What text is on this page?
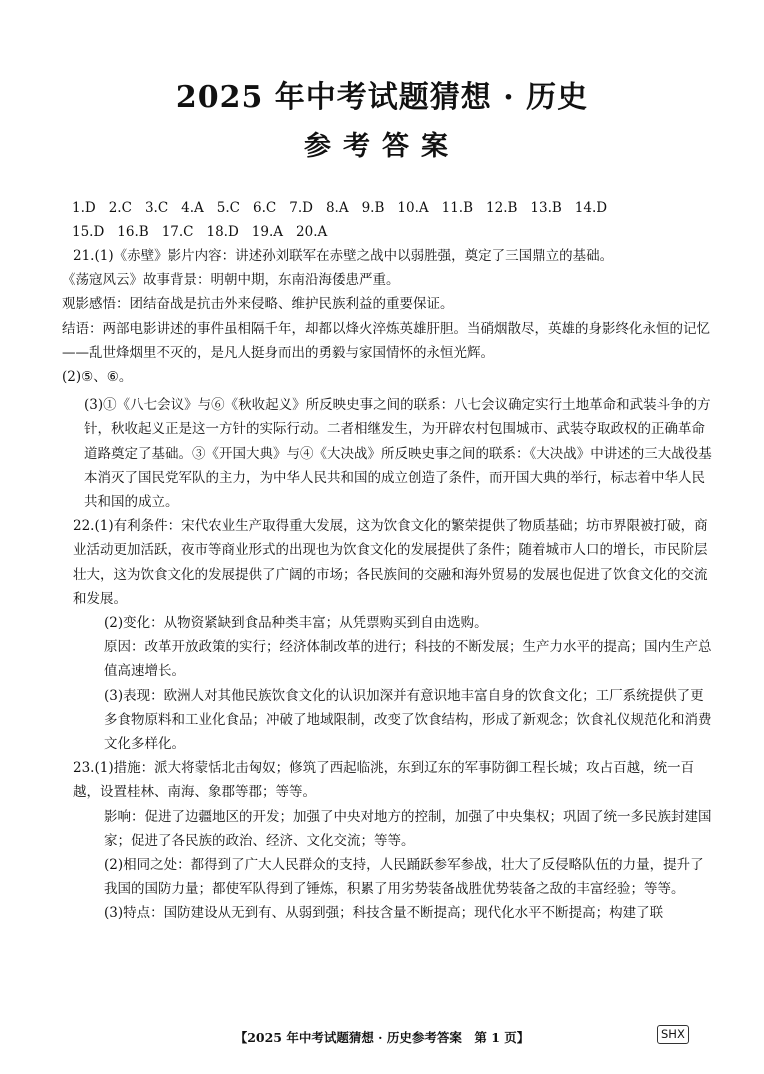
2025 年中考试题猜想 · 历史
参考答案
1.D 2.C 3.C 4.A 5.C 6.C 7.D 8.A 9.B 10.A 11.B 12.B 13.B 14.D
15.D 16.B 17.C 18.D 19.A 20.A

21.(1)《赤壁》影片内容：讲述孙刘联军在赤壁之战中以弱胜强，奠定了三国鼎立的基础。

《荡寇风云》故事背景：明朝中期，东南沿海倭患严重。

观影感悟：团结奋战是抗击外来侵略、维护民族利益的重要保证。

结语：两部电影讲述的事件虽相隔千年，却都以烽火淬炼英雄肝胆。当硝烟散尽，英雄的身影终化永恒的记忆——乱世烽烟里不灭的，是凡人挺身而出的勇毅与家国情怀的永恒光辉。

(2)⑤、⑥。

(3)①《八七会议》与⑥《秋收起义》所反映史事之间的联系：八七会议确定实行土地革命和武装斗争的方针，秋收起义正是这一方针的实际行动。二者相继发生，为开辟农村包围城市、武装夺取政权的正确革命道路奠定了基础。③《开国大典》与④《大决战》所反映史事之间的联系：《大决战》中讲述的三大战役基本消灭了国民党军队的主力，为中华人民共和国的成立创造了条件，而开国大典的举行，标志着中华人民共和国的成立。

22.(1)有利条件：宋代农业生产取得重大发展，这为饮食文化的繁荣提供了物质基础；坊市界限被打破，商业活动更加活跃，夜市等商业形式的出现也为饮食文化的发展提供了条件；随着城市人口的增长，市民阶层壮大，这为饮食文化的发展提供了广阔的市场；各民族间的交融和海外贸易的发展也促进了饮食文化的交流和发展。

(2)变化：从物资紧缺到食品种类丰富；从凭票购买到自由选购。

原因：改革开放政策的实行；经济体制改革的进行；科技的不断发展；生产力水平的提高；国内生产总值高速增长。

(3)表现：欧洲人对其他民族饮食文化的认识加深并有意识地丰富自身的饮食文化；工厂系统提供了更多食物原料和工业化食品；冲破了地域限制，改变了饮食结构，形成了新观念；饮食礼仪规范化和消费文化多样化。

23.(1)措施：派大将蒙恬北击匈奴；修筑了西起临洮，东到辽东的军事防御工程长城；攻占百越，统一百越，设置桂林、南海、象郡等郡；等等。

影响：促进了边疆地区的开发；加强了中央对地方的控制，加强了中央集权；巩固了统一多民族封建国家；促进了各民族的政治、经济、文化交流；等等。

(2)相同之处：都得到了广大人民群众的支持，人民踊跃参军参战，壮大了反侵略队伍的力量，提升了我国的国防力量；都使军队得到了锤炼，积累了用劣势装备战胜优势装备之敌的丰富经验；等等。

(3)特点：国防建设从无到有、从弱到强；科技含量不断提高；现代化水平不断提高；构建了联

【2025 年中考试题猜想 · 历史参考答案　第 1 页】	SHX
